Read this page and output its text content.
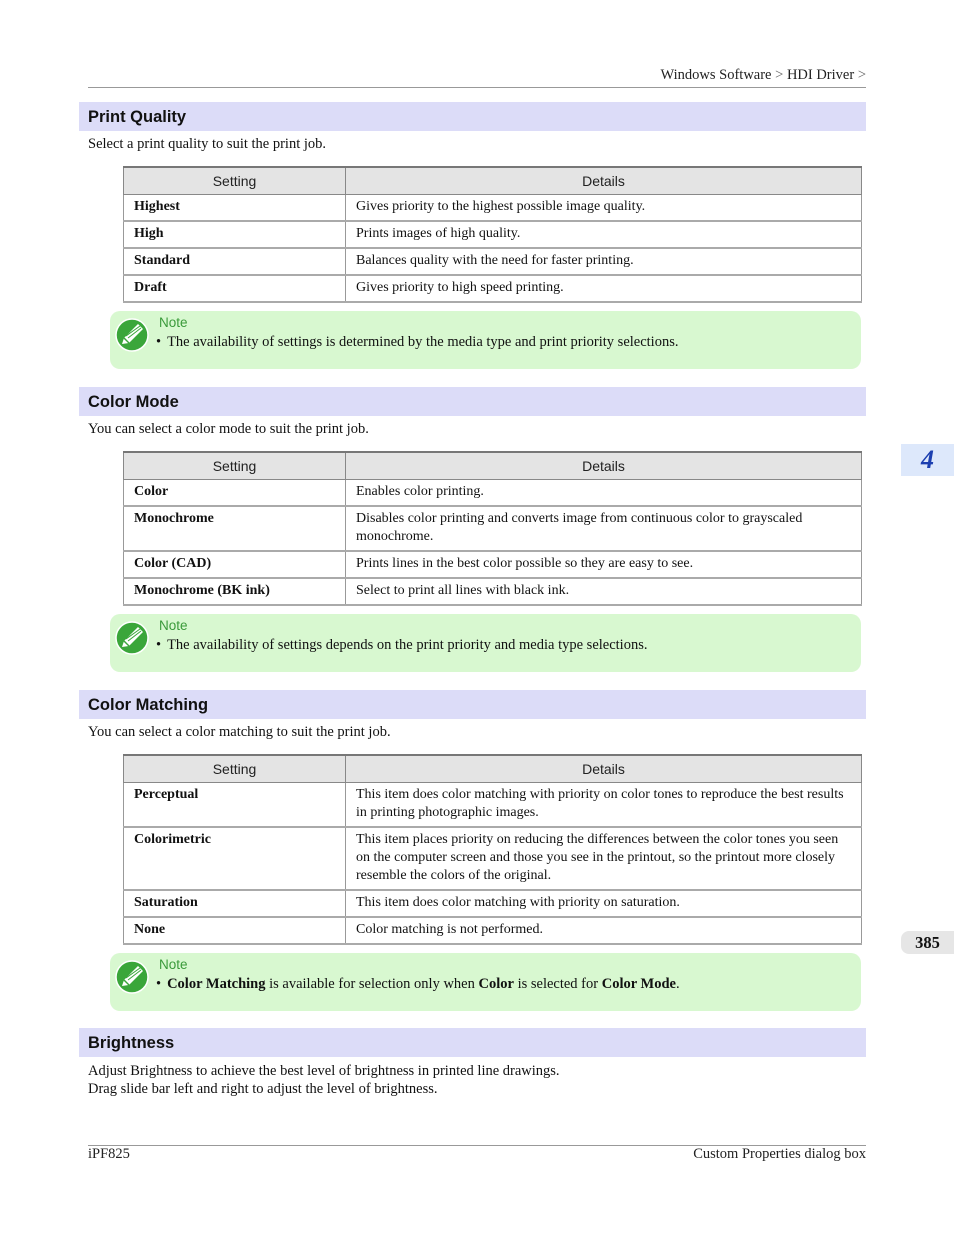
Windows Software > HDI Driver >
Print Quality
Select a print quality to suit the print job.
Setting	Details
Highest	Gives priority to the highest possible image quality.
High	Prints images of high quality.
Standard	Balances quality with the need for faster printing.
Draft	Gives priority to high speed printing.
Note
• The availability of settings is determined by the media type and print priority selections.
Color Mode
You can select a color mode to suit the print job.
Setting	Details
Color	Enables color printing.
Monochrome	Disables color printing and converts image from continuous color to grayscaled monochrome.
Color (CAD)	Prints lines in the best color possible so they are easy to see.
Monochrome (BK ink)	Select to print all lines with black ink.
Note
• The availability of settings depends on the print priority and media type selections.
Color Matching
You can select a color matching to suit the print job.
Setting	Details
Perceptual	This item does color matching with priority on color tones to reproduce the best results in printing photographic images.
Colorimetric	This item places priority on reducing the differences between the color tones you seen on the computer screen and those you see in the printout, so the printout more closely resemble the colors of the original.
Saturation	This item does color matching with priority on saturation.
None	Color matching is not performed.
Note
• Color Matching is available for selection only when Color is selected for Color Mode.
Brightness
Adjust Brightness to achieve the best level of brightness in printed line drawings.
Drag slide bar left and right to adjust the level of brightness.
4
385
iPF825	Custom Properties dialog box
